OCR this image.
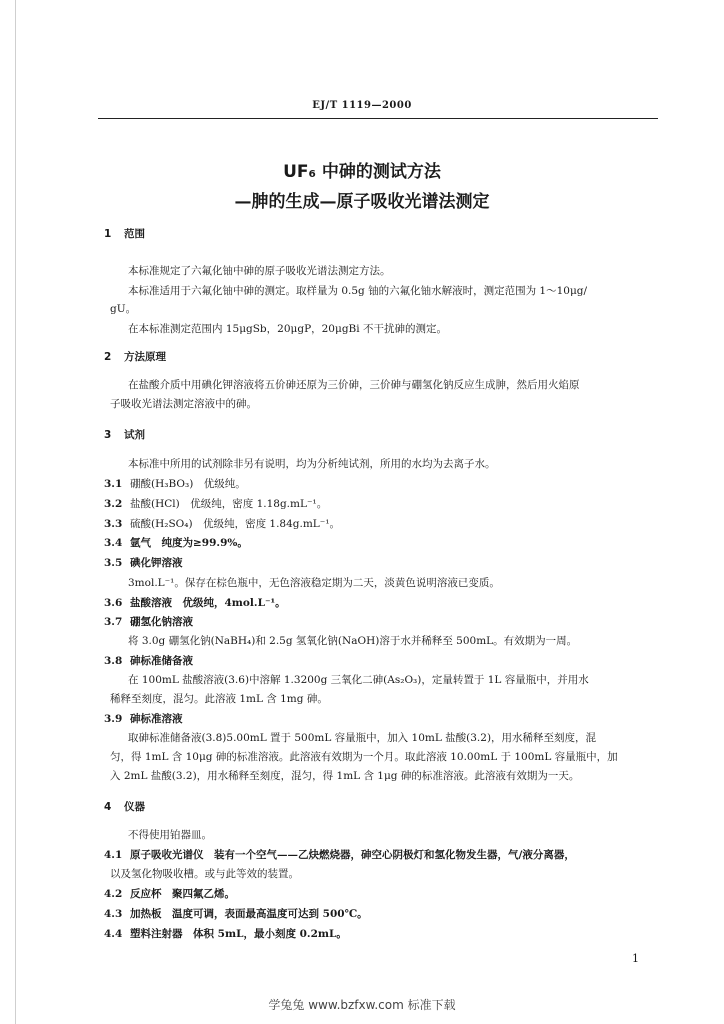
EJ/T 1119—2000
UF₆ 中砷的测试方法
—胂的生成—原子吸收光谱法测定
1 范围
本标准规定了六氟化铀中砷的原子吸收光谱法测定方法。
本标准适用于六氟化铀中砷的测定。取样量为 0.5g 铀的六氟化铀水解液时，测定范围为 1～10μg/
gU。
在本标准测定范围内 15μgSb，20μgP，20μgBi 不干扰砷的测定。
2 方法原理
在盐酸介质中用碘化钾溶液将五价砷还原为三价砷，三价砷与硼氢化钠反应生成胂，然后用火焰原
子吸收光谱法测定溶液中的砷。
3 试剂
本标准中所用的试剂除非另有说明，均为分析纯试剂，所用的水均为去离子水。
3.1 硼酸(H₃BO₃)　优级纯。
3.2 盐酸(HCl)　优级纯，密度 1.18g.mL⁻¹。
3.3 硫酸(H₂SO₄)　优级纯，密度 1.84g.mL⁻¹。
3.4 氩气　纯度为≥99.9%。
3.5 碘化钾溶液
3mol.L⁻¹。保存在棕色瓶中，无色溶液稳定期为二天，淡黄色说明溶液已变质。
3.6 盐酸溶液　优级纯，4mol.L⁻¹。
3.7 硼氢化钠溶液
将 3.0g 硼氢化钠(NaBH₄)和 2.5g 氢氧化钠(NaOH)溶于水并稀释至 500mL。有效期为一周。
3.8 砷标准储备液
在 100mL 盐酸溶液(3.6)中溶解 1.3200g 三氧化二砷(As₂O₃)，定量转置于 1L 容量瓶中，并用水
稀释至刻度，混匀。此溶液 1mL 含 1mg 砷。
3.9 砷标准溶液
取砷标准储备液(3.8)5.00mL 置于 500mL 容量瓶中，加入 10mL 盐酸(3.2)，用水稀释至刻度，混
匀，得 1mL 含 10μg 砷的标准溶液。此溶液有效期为一个月。取此溶液 10.00mL 于 100mL 容量瓶中，加
入 2mL 盐酸(3.2)，用水稀释至刻度，混匀，得 1mL 含 1μg 砷的标准溶液。此溶液有效期为一天。
4 仪器
不得使用铂器皿。
4.1 原子吸收光谱仪　装有一个空气——乙炔燃烧器，砷空心阴极灯和氢化物发生器，气/液分离器，
以及氢化物吸收槽。或与此等效的装置。
4.2 反应杯　聚四氟乙烯。
4.3 加热板　温度可调，表面最高温度可达到 500℃。
4.4 塑料注射器　体积 5mL，最小刻度 0.2mL。
1
学兔兔 www.bzfxw.com 标准下载
